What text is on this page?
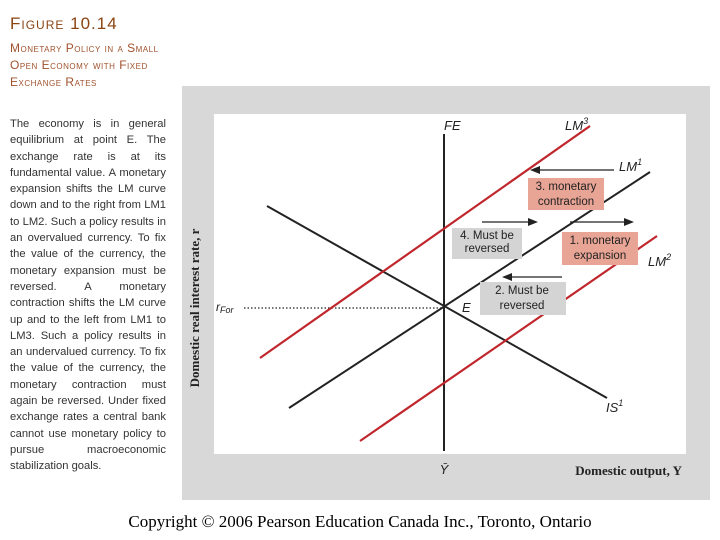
Figure 10.14
Monetary Policy in a Small Open Economy with Fixed Exchange Rates
The economy is in general equilibrium at point E. The exchange rate is at its fundamental value. A monetary expansion shifts the LM curve down and to the right from LM1 to LM2. Such a policy results in an overvalued currency. To fix the value of the currency, the monetary expansion must be reversed. A monetary contraction shifts the LM curve up and to the left from LM1 to LM3. Such a policy results in an undervalued currency. To fix the value of the currency, the monetary contraction must again be reversed. Under fixed exchange rates a central bank cannot use monetary policy to pursue macroeconomic stabilization goals.
Domestic real interest rate, r
FE
rFor
$IS^1$
$LM^1$
$LM^3$
$LM^2$
E
3. monetary
contraction
4. Must be
reversed
1. monetary
expansion
2. Must be
reversed
Ȳ	Domestic output, Y
Copyright © 2006 Pearson Education Canada Inc., Toronto, Ontario
